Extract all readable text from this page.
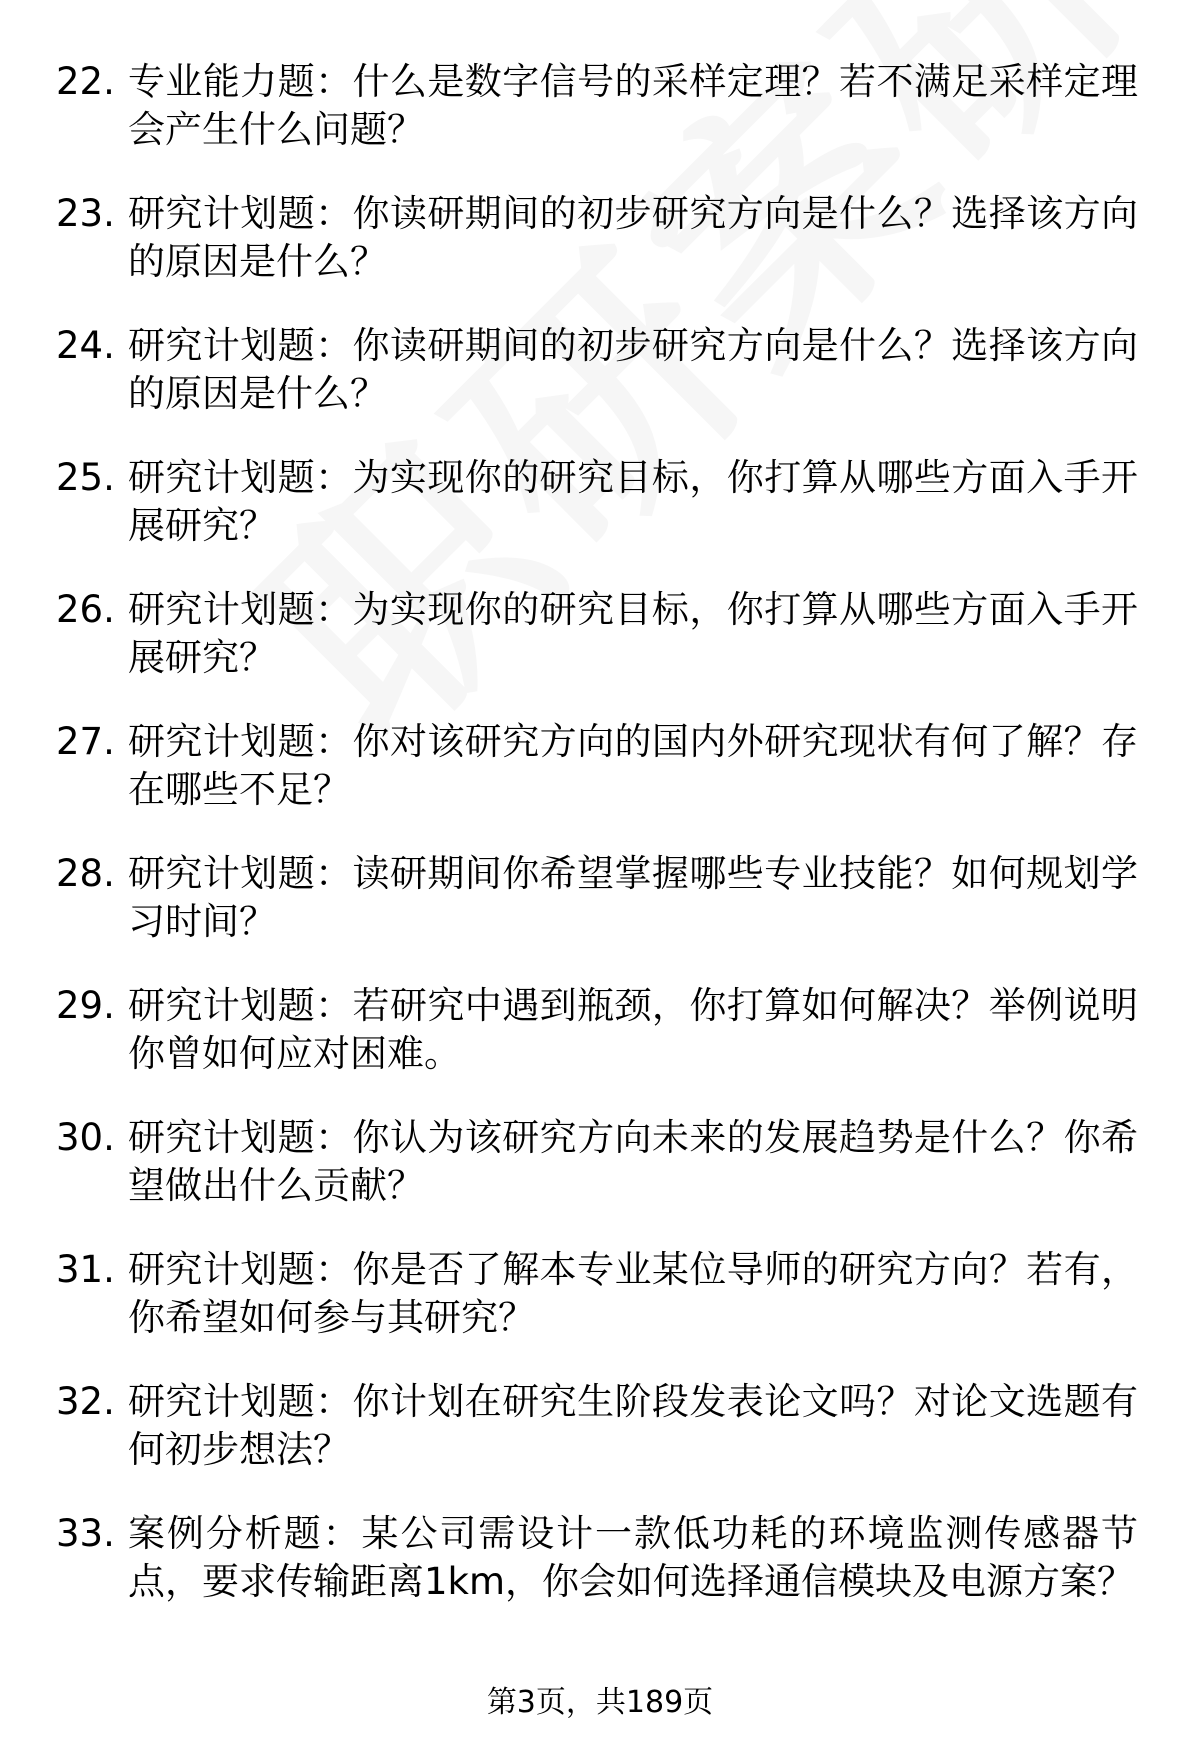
22. 专业能力题：什么是数字信号的采样定理？若不满足采样定理会产生什么问题？
23. 研究计划题：你读研期间的初步研究方向是什么？选择该方向的原因是什么？
24. 研究计划题：你读研期间的初步研究方向是什么？选择该方向的原因是什么？
25. 研究计划题：为实现你的研究目标，你打算从哪些方面入手开展研究？
26. 研究计划题：为实现你的研究目标，你打算从哪些方面入手开展研究？
27. 研究计划题：你对该研究方向的国内外研究现状有何了解？存在哪些不足？
28. 研究计划题：读研期间你希望掌握哪些专业技能？如何规划学习时间？
29. 研究计划题：若研究中遇到瓶颈，你打算如何解决？举例说明你曾如何应对困难。
30. 研究计划题：你认为该研究方向未来的发展趋势是什么？你希望做出什么贡献？
31. 研究计划题：你是否了解本专业某位导师的研究方向？若有，你希望如何参与其研究？
32. 研究计划题：你计划在研究生阶段发表论文吗？对论文选题有何初步想法？
33. 案例分析题：某公司需设计一款低功耗的环境监测传感器节点，要求传输距离1km，你会如何选择通信模块及电源方案？
第3页，共189页
